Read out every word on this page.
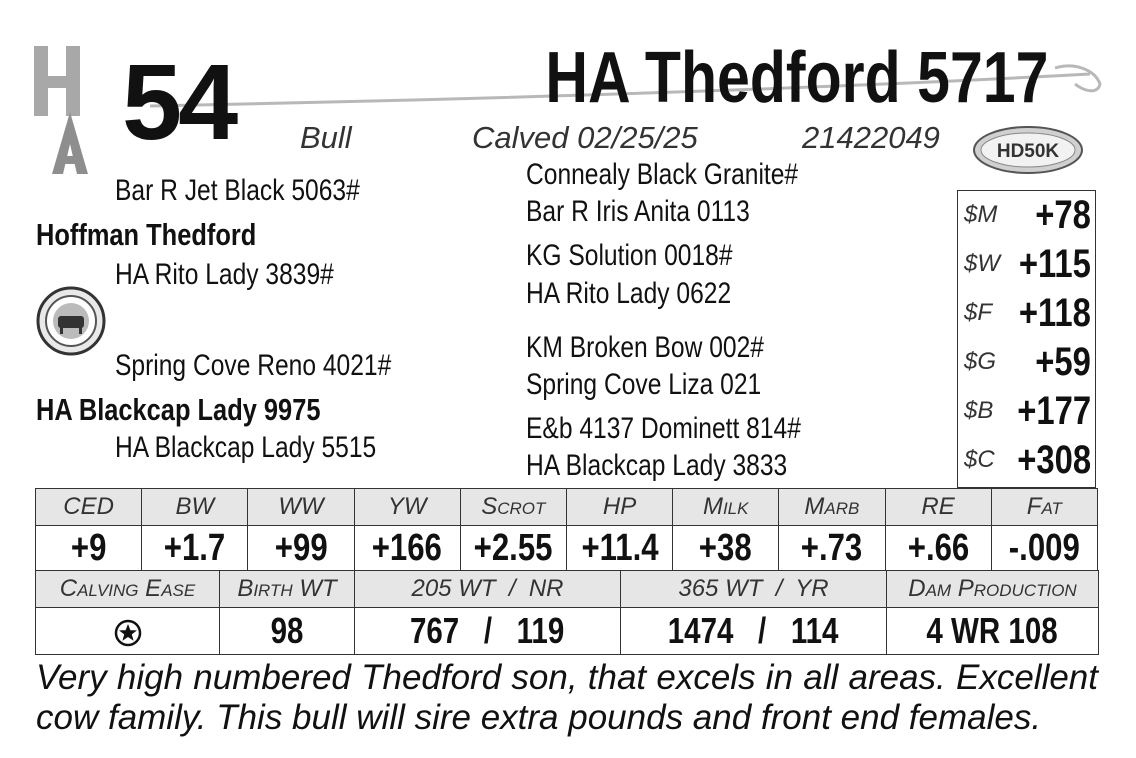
54	HA Thedford 5717
Bull	Calved 02/25/25	21422049	HD50K
Bar R Jet Black 5063#
Hoffman Thedford
HA Rito Lady 3839#
Spring Cove Reno 4021#
HA Blackcap Lady 9975
HA Blackcap Lady 5515
Connealy Black Granite#
Bar R Iris Anita 0113
KG Solution 0018#
HA Rito Lady 0622
KM Broken Bow 002#
Spring Cove Liza 021
E&b 4137 Dominett 814#
HA Blackcap Lady 3833
$M +78
$W +115
$F +118
$G +59
$B +177
$C +308
CED	BW	WW	YW	Scrot	HP	Milk	Marb	RE	Fat
+9	+1.7	+99	+166	+2.55	+11.4	+38	+.73	+.66	-.009
Calving Ease	Birth WT	205 WT  /  NR	365 WT  /  YR	Dam Production
	98	767   /   119	1474   /   114	4 WR 108
Very high numbered Thedford son, that excels in all areas. Excellent cow family. This bull will sire extra pounds and front end females.
